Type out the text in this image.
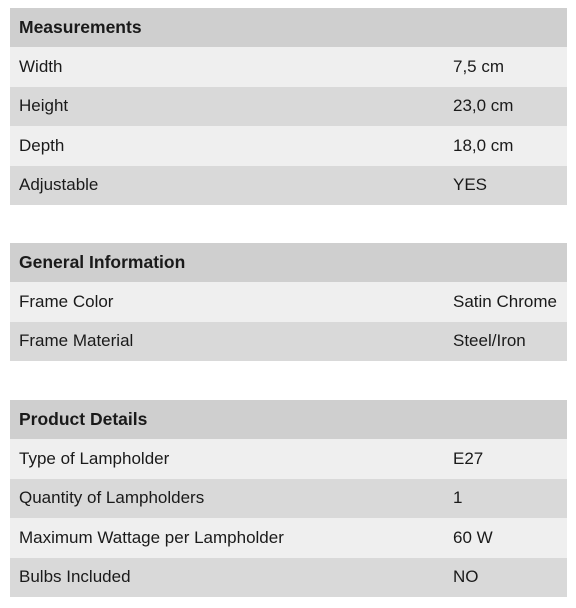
Measurements
Width	7,5 cm
Height	23,0 cm
Depth	18,0 cm
Adjustable	YES
General Information
Frame Color	Satin Chrome
Frame Material	Steel/Iron
Product Details
Type of Lampholder	E27
Quantity of Lampholders	1
Maximum Wattage per Lampholder	60 W
Bulbs Included	NO
